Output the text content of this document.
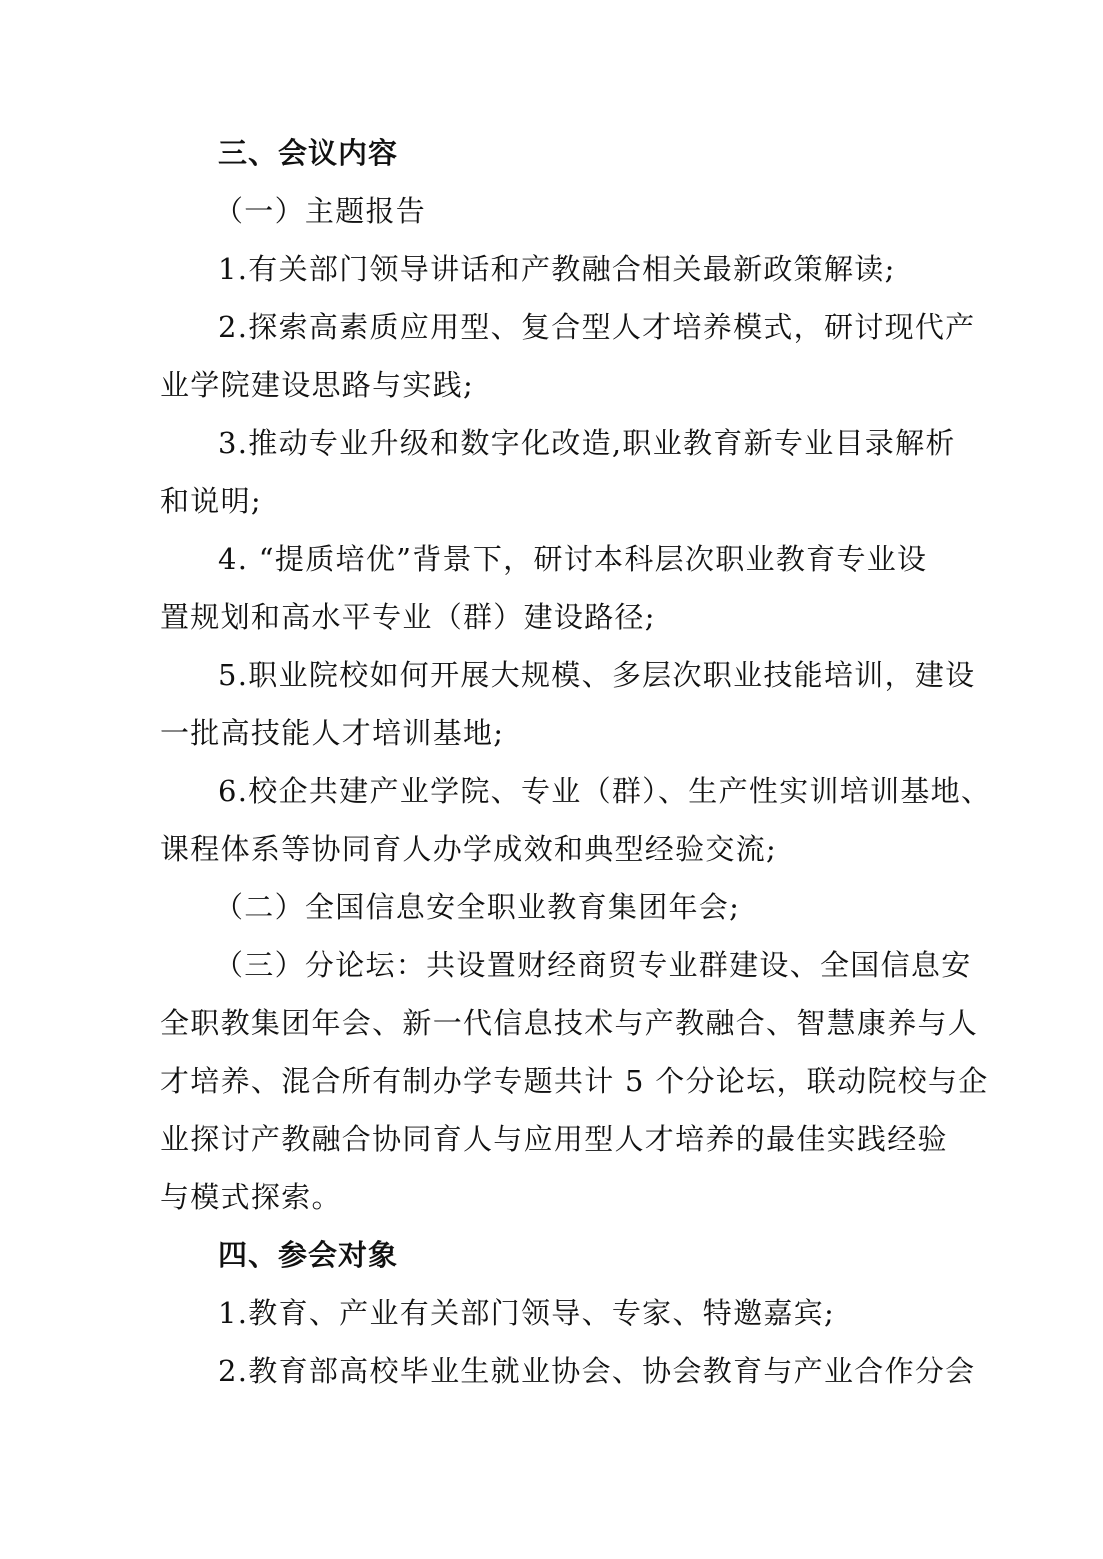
三、会议内容

（一）主题报告

1.有关部门领导讲话和产教融合相关最新政策解读;

2.探索高素质应用型、复合型人才培养模式，研讨现代产

业学院建设思路与实践;

3.推动专业升级和数字化改造,职业教育新专业目录解析

和说明;

4. “提质培优”背景下，研讨本科层次职业教育专业设

置规划和高水平专业（群）建设路径;

5.职业院校如何开展大规模、多层次职业技能培训，建设

一批高技能人才培训基地;

6.校企共建产业学院、专业（群）、生产性实训培训基地、

课程体系等协同育人办学成效和典型经验交流;

（二）全国信息安全职业教育集团年会;

（三）分论坛：共设置财经商贸专业群建设、全国信息安

全职教集团年会、新一代信息技术与产教融合、智慧康养与人

才培养、混合所有制办学专题共计 5 个分论坛，联动院校与企

业探讨产教融合协同育人与应用型人才培养的最佳实践经验

与模式探索。

四、参会对象

1.教育、产业有关部门领导、专家、特邀嘉宾;

2.教育部高校毕业生就业协会、协会教育与产业合作分会
